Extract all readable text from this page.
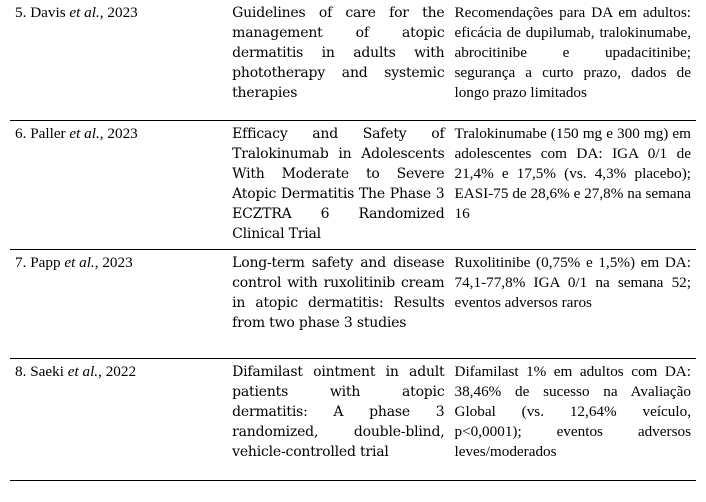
5. Davis et al., 2023	Guidelines of care for the management of atopic dermatitis in adults with phototherapy and systemic therapies	Recomendações para DA em adultos: eficácia de dupilumab, tralokinumabe, abrocitinibe e upadacitinibe; segurança a curto prazo, dados de longo prazo limitados
6. Paller et al., 2023	Efficacy and Safety of Tralokinumab in Adolescents With Moderate to Severe Atopic Dermatitis The Phase 3 ECZTRA 6 Randomized Clinical Trial	Tralokinumabe (150 mg e 300 mg) em adolescentes com DA: IGA 0/1 de 21,4% e 17,5% (vs. 4,3% placebo); EASI-75 de 28,6% e 27,8% na semana 16
7. Papp et al., 2023	Long-term safety and disease control with ruxolitinib cream in atopic dermatitis: Results from two phase 3 studies	Ruxolitinibe (0,75% e 1,5%) em DA: 74,1-77,8% IGA 0/1 na semana 52; eventos adversos raros
8. Saeki et al., 2022	Difamilast ointment in adult patients with atopic dermatitis: A phase 3 randomized, double-blind, vehicle-controlled trial	Difamilast 1% em adultos com DA: 38,46% de sucesso na Avaliação Global (vs. 12,64% veículo, p<0,0001); eventos adversos leves/moderados
